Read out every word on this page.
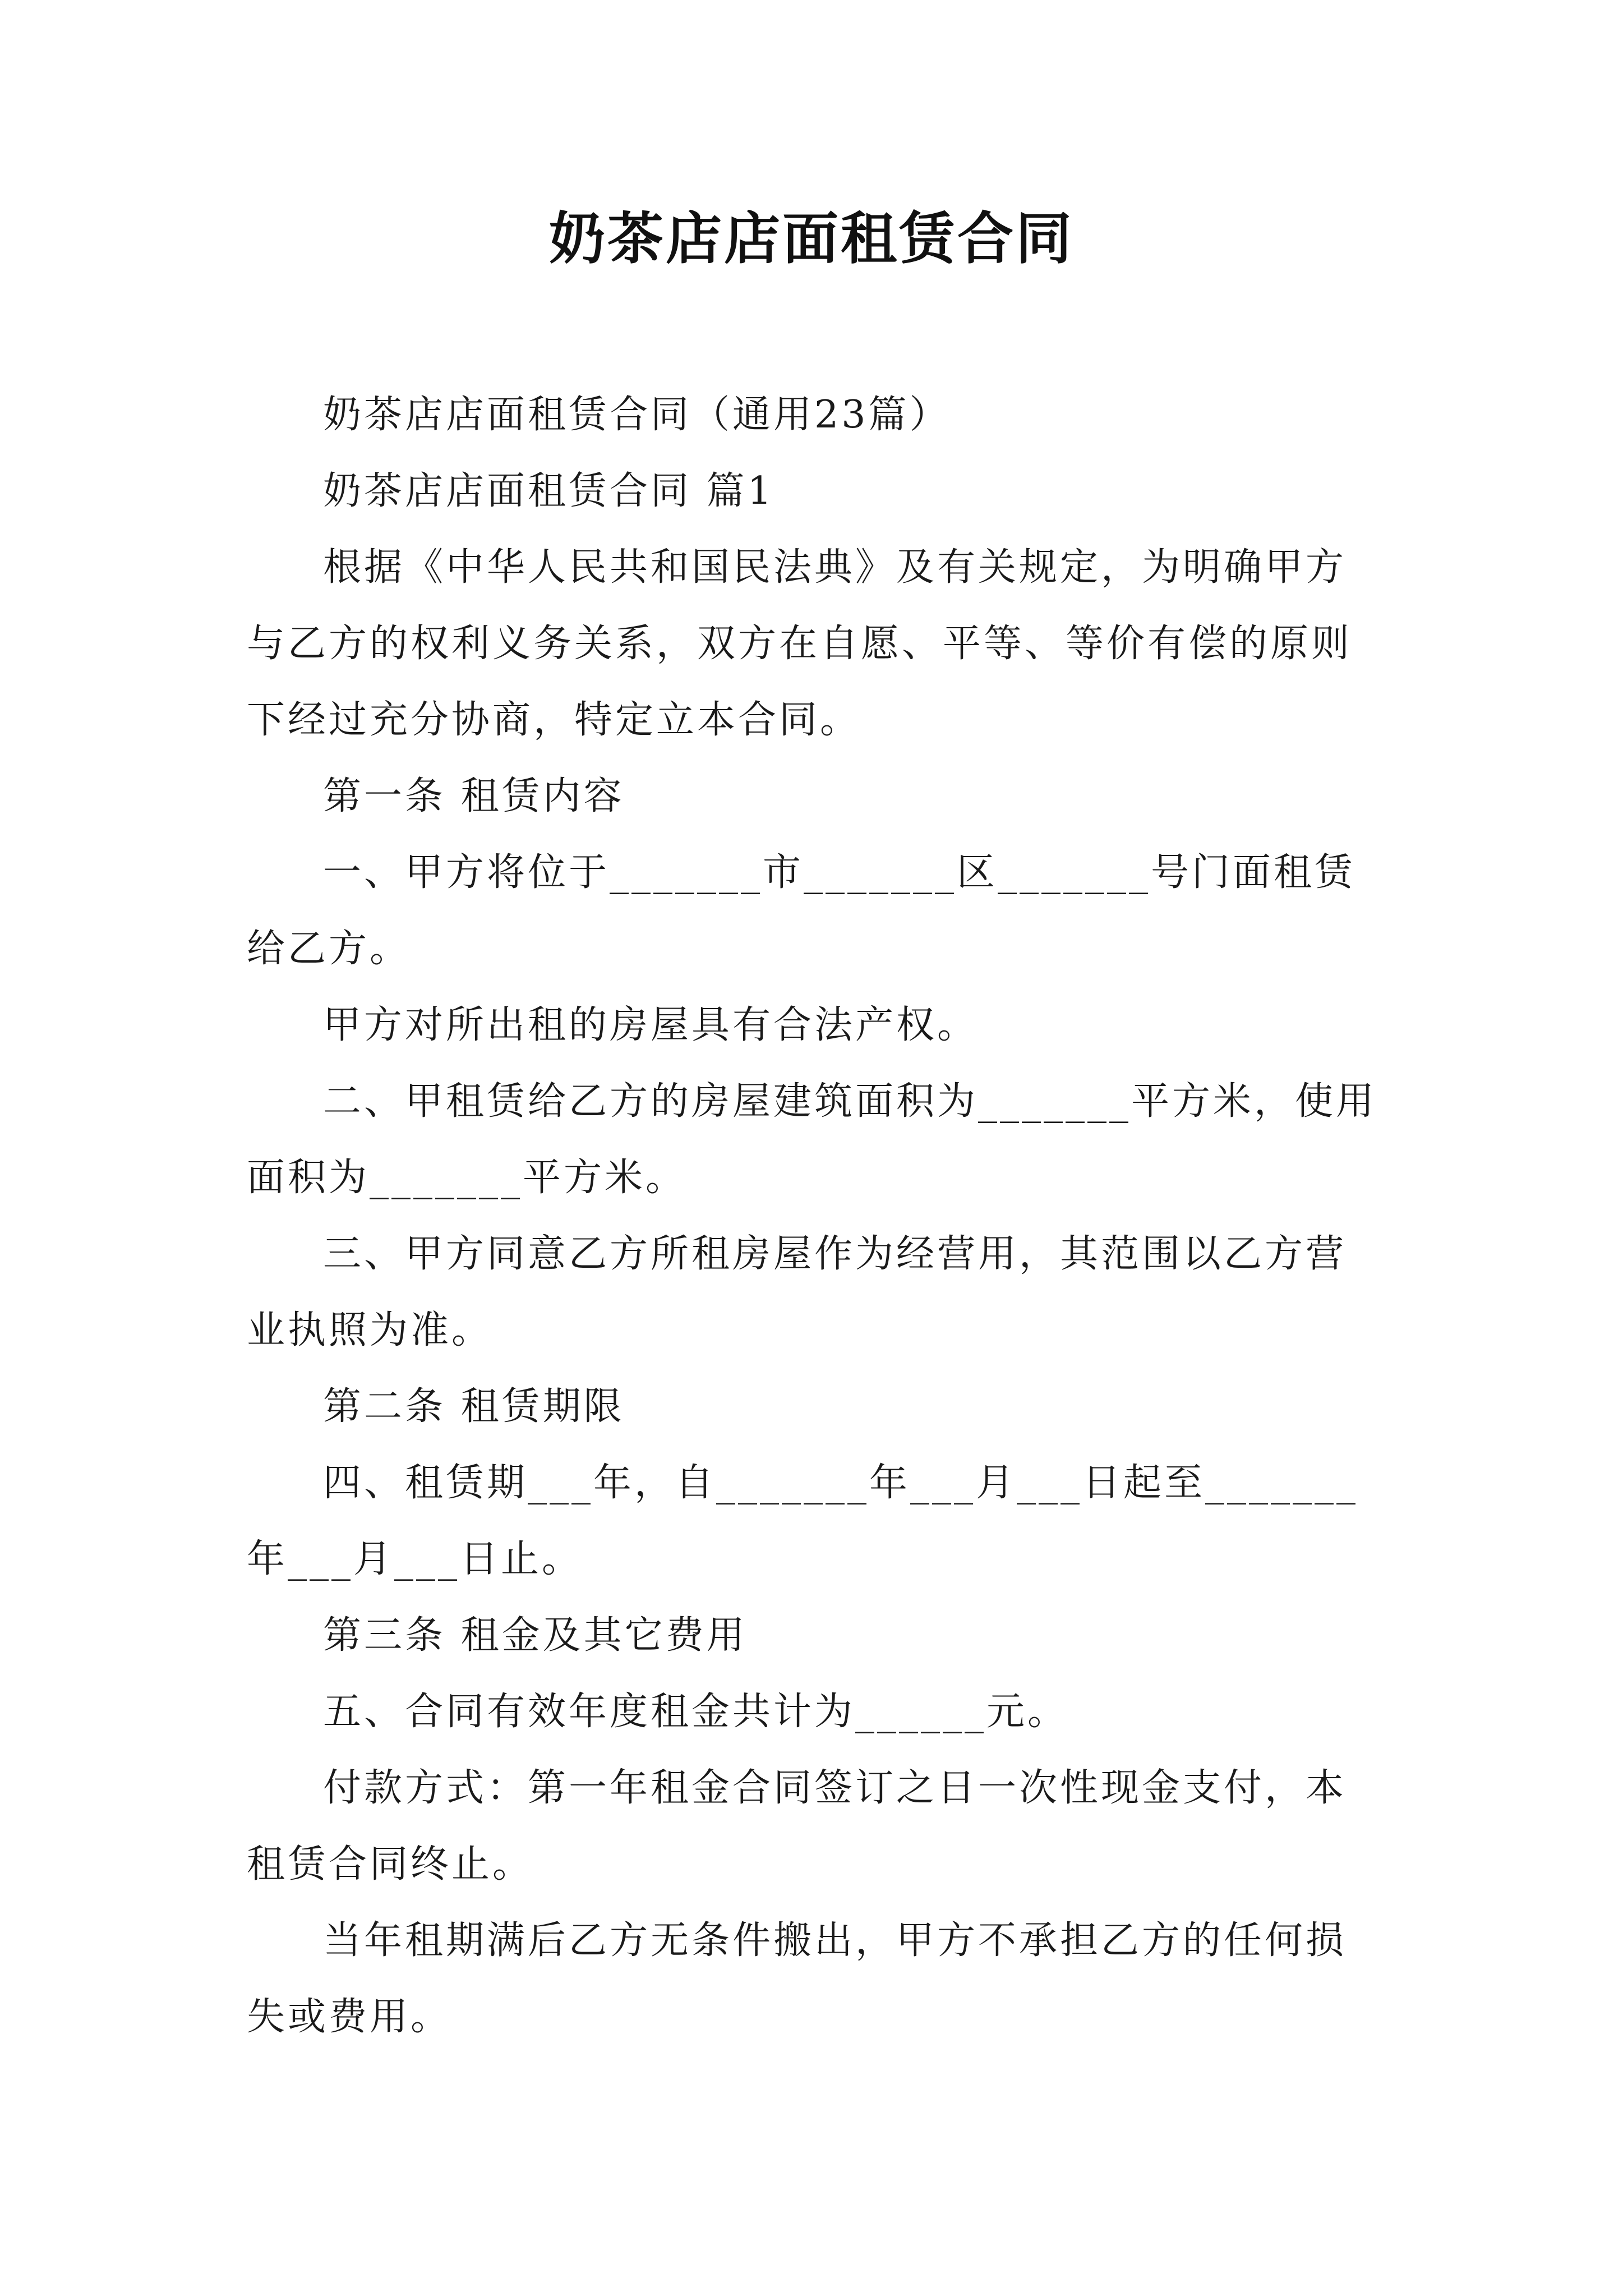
奶茶店店面租赁合同

奶茶店店面租赁合同（通用23篇）

奶茶店店面租赁合同 篇1

根据《中华人民共和国民法典》及有关规定，为明确甲方与乙方的权利义务关系，双方在自愿、平等、等价有偿的原则下经过充分协商，特定立本合同。

第一条 租赁内容

一、甲方将位于_______市_______区_______号门面租赁给乙方。

甲方对所出租的房屋具有合法产权。

二、甲租赁给乙方的房屋建筑面积为_______平方米，使用面积为_______平方米。

三、甲方同意乙方所租房屋作为经营用，其范围以乙方营业执照为准。

第二条 租赁期限

四、租赁期___年，自_______年___月___日起至_______年___月___日止。

第三条 租金及其它费用

五、合同有效年度租金共计为______元。

付款方式：第一年租金合同签订之日一次性现金支付，本租赁合同终止。

当年租期满后乙方无条件搬出，甲方不承担乙方的任何损失或费用。
